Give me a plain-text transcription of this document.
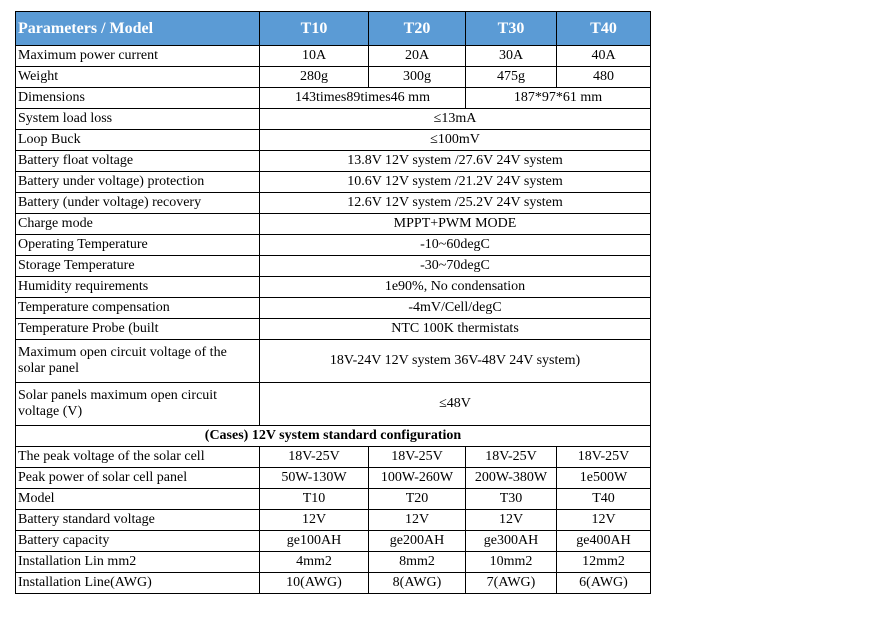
Parameters / Model	T10	T20	T30	T40
Maximum power current	10A	20A	30A	40A
Weight	280g	300g	475g	480
Dimensions	143times89times46 mm		187*97*61 mm	
System load loss	≤13mA			
Loop Buck	≤100mV			
Battery float voltage	13.8V 12V system /27.6V 24V system			
Battery under voltage) protection	10.6V 12V system /21.2V 24V system			
Battery (under voltage) recovery	12.6V 12V system /25.2V 24V system			
Charge mode	MPPT+PWM MODE			
Operating Temperature	-10~60degC			
Storage Temperature	-30~70degC			
Humidity requirements	1e90%, No condensation			
Temperature compensation	-4mV/Cell/degC			
Temperature Probe (built	NTC 100K thermistats			
Maximum open circuit voltage of the solar panel	18V-24V 12V system 36V-48V 24V system)			
Solar panels maximum open circuit voltage (V)	≤48V			
(Cases) 12V system standard configuration				
The peak voltage of the solar cell	18V-25V	18V-25V	18V-25V	18V-25V
Peak power of solar cell panel	50W-130W	100W-260W	200W-380W	1e500W
Model	T10	T20	T30	T40
Battery standard voltage	12V	12V	12V	12V
Battery capacity	ge100AH	ge200AH	ge300AH	ge400AH
Installation Lin mm2	4mm2	8mm2	10mm2	12mm2
Installation Line(AWG)	10(AWG)	8(AWG)	7(AWG)	6(AWG)
